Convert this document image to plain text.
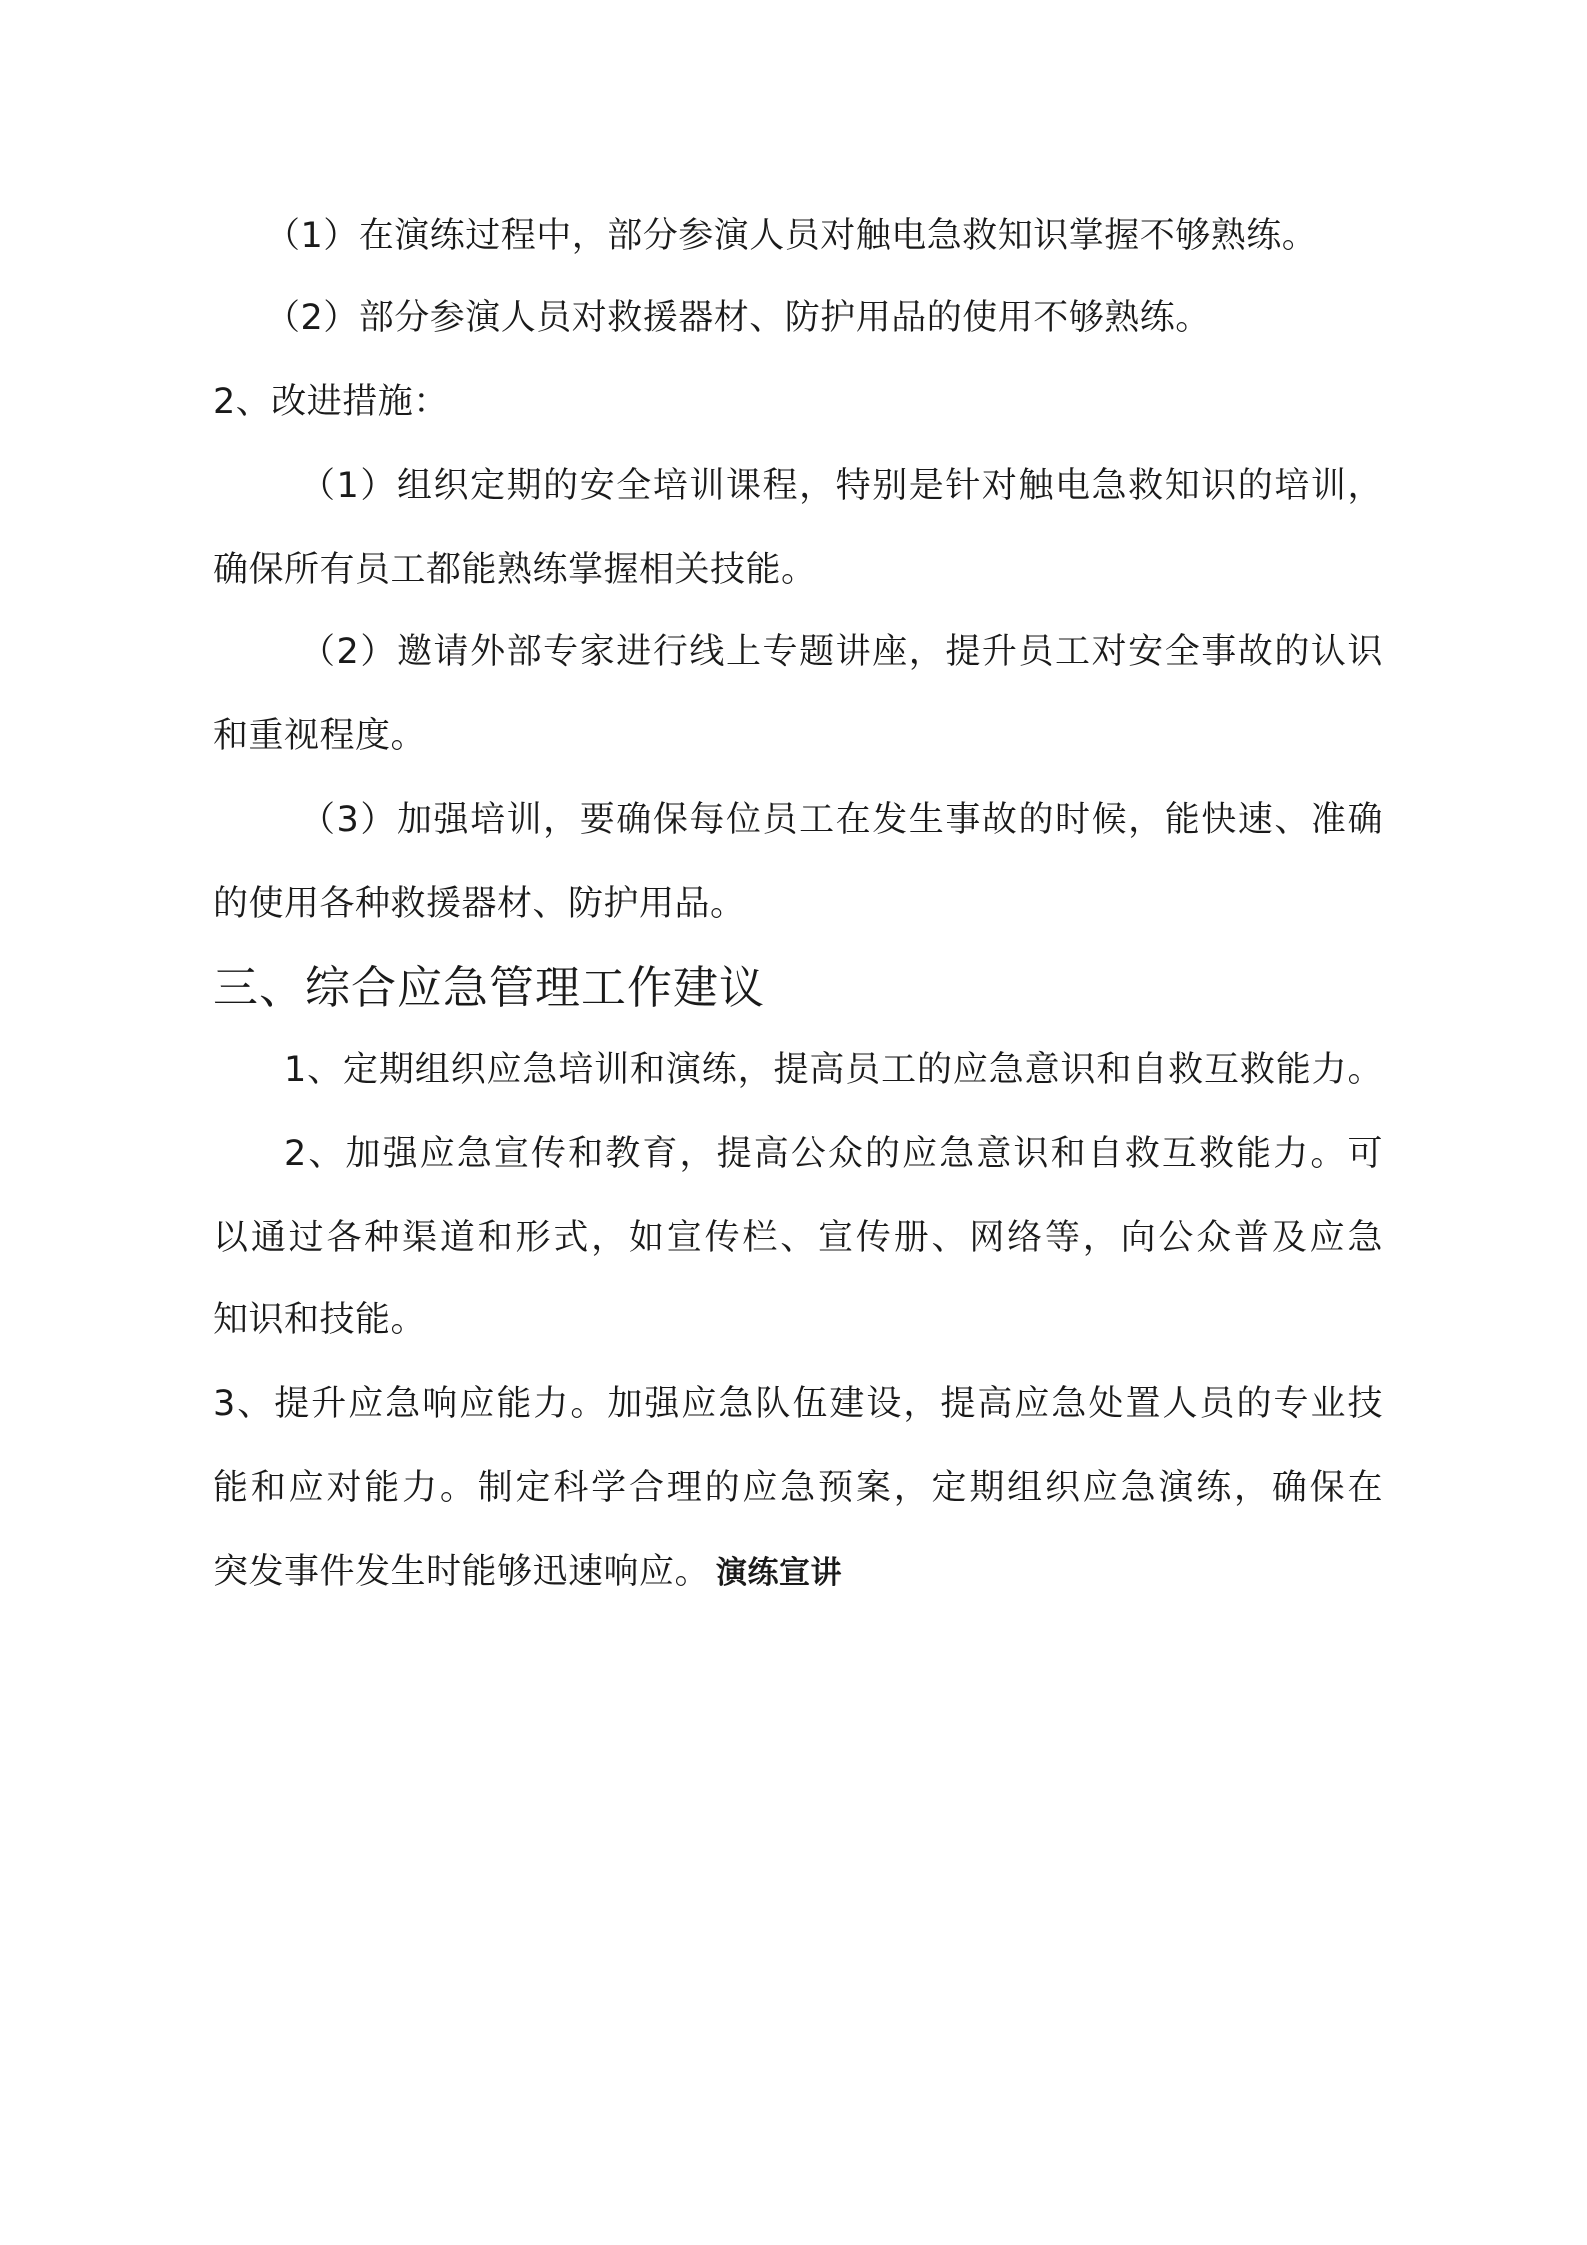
（1）在演练过程中，部分参演人员对触电急救知识掌握不够熟练。
（2）部分参演人员对救援器材、防护用品的使用不够熟练。
2、改进措施：
（1）组织定期的安全培训课程，特别是针对触电急救知识的培训，
确保所有员工都能熟练掌握相关技能。
（2）邀请外部专家进行线上专题讲座，提升员工对安全事故的认识
和重视程度。
（3）加强培训，要确保每位员工在发生事故的时候，能快速、准确
的使用各种救援器材、防护用品。
三、综合应急管理工作建议
1、定期组织应急培训和演练，提高员工的应急意识和自救互救能力。
2、加强应急宣传和教育，提高公众的应急意识和自救互救能力。可
以通过各种渠道和形式，如宣传栏、宣传册、网络等，向公众普及应急
知识和技能。
3、提升应急响应能力。加强应急队伍建设，提高应急处置人员的专业技
能和应对能力。制定科学合理的应急预案，定期组织应急演练，确保在
突发事件发生时能够迅速响应。 演练宣讲
